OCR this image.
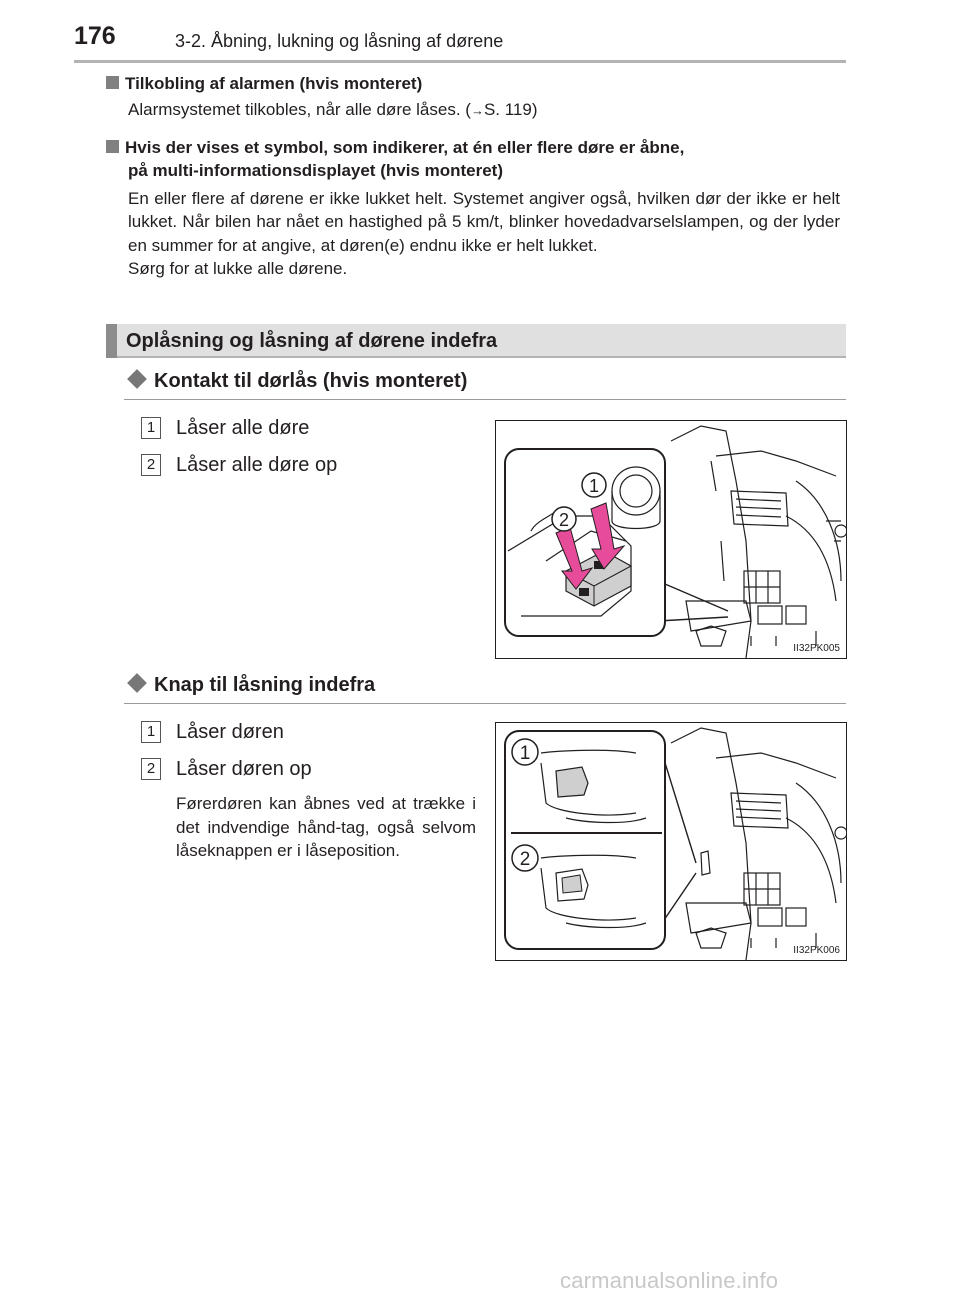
176	3-2. Åbning, lukning og låsning af dørene
Tilkobling af alarmen (hvis monteret)
Alarmsystemet tilkobles, når alle døre låses. (→S. 119)
Hvis der vises et symbol, som indikerer, at én eller flere døre er åbne,
på multi-informationsdisplayet (hvis monteret)

En eller flere af dørene er ikke lukket helt. Systemet angiver også, hvilken dør der ikke er helt lukket. Når bilen har nået en hastighed på 5 km/t, blinker hovedadvarselslampen, og der lyder en summer for at angive, at døren(e) endnu ikke er helt lukket.

Sørg for at lukke alle dørene.

Oplåsning og låsning af dørene indefra
Kontakt til dørlås (hvis monteret)
1 Låser alle døre
2 Låser alle døre op
1
2
II32PK005
Knap til låsning indefra
1 Låser døren
2 Låser døren op
Førerdøren kan åbnes ved at trække i det indvendige hånd-tag, også selvom låseknappen er i låseposition.
1
2
II32PK006
carmanualsonline.info
